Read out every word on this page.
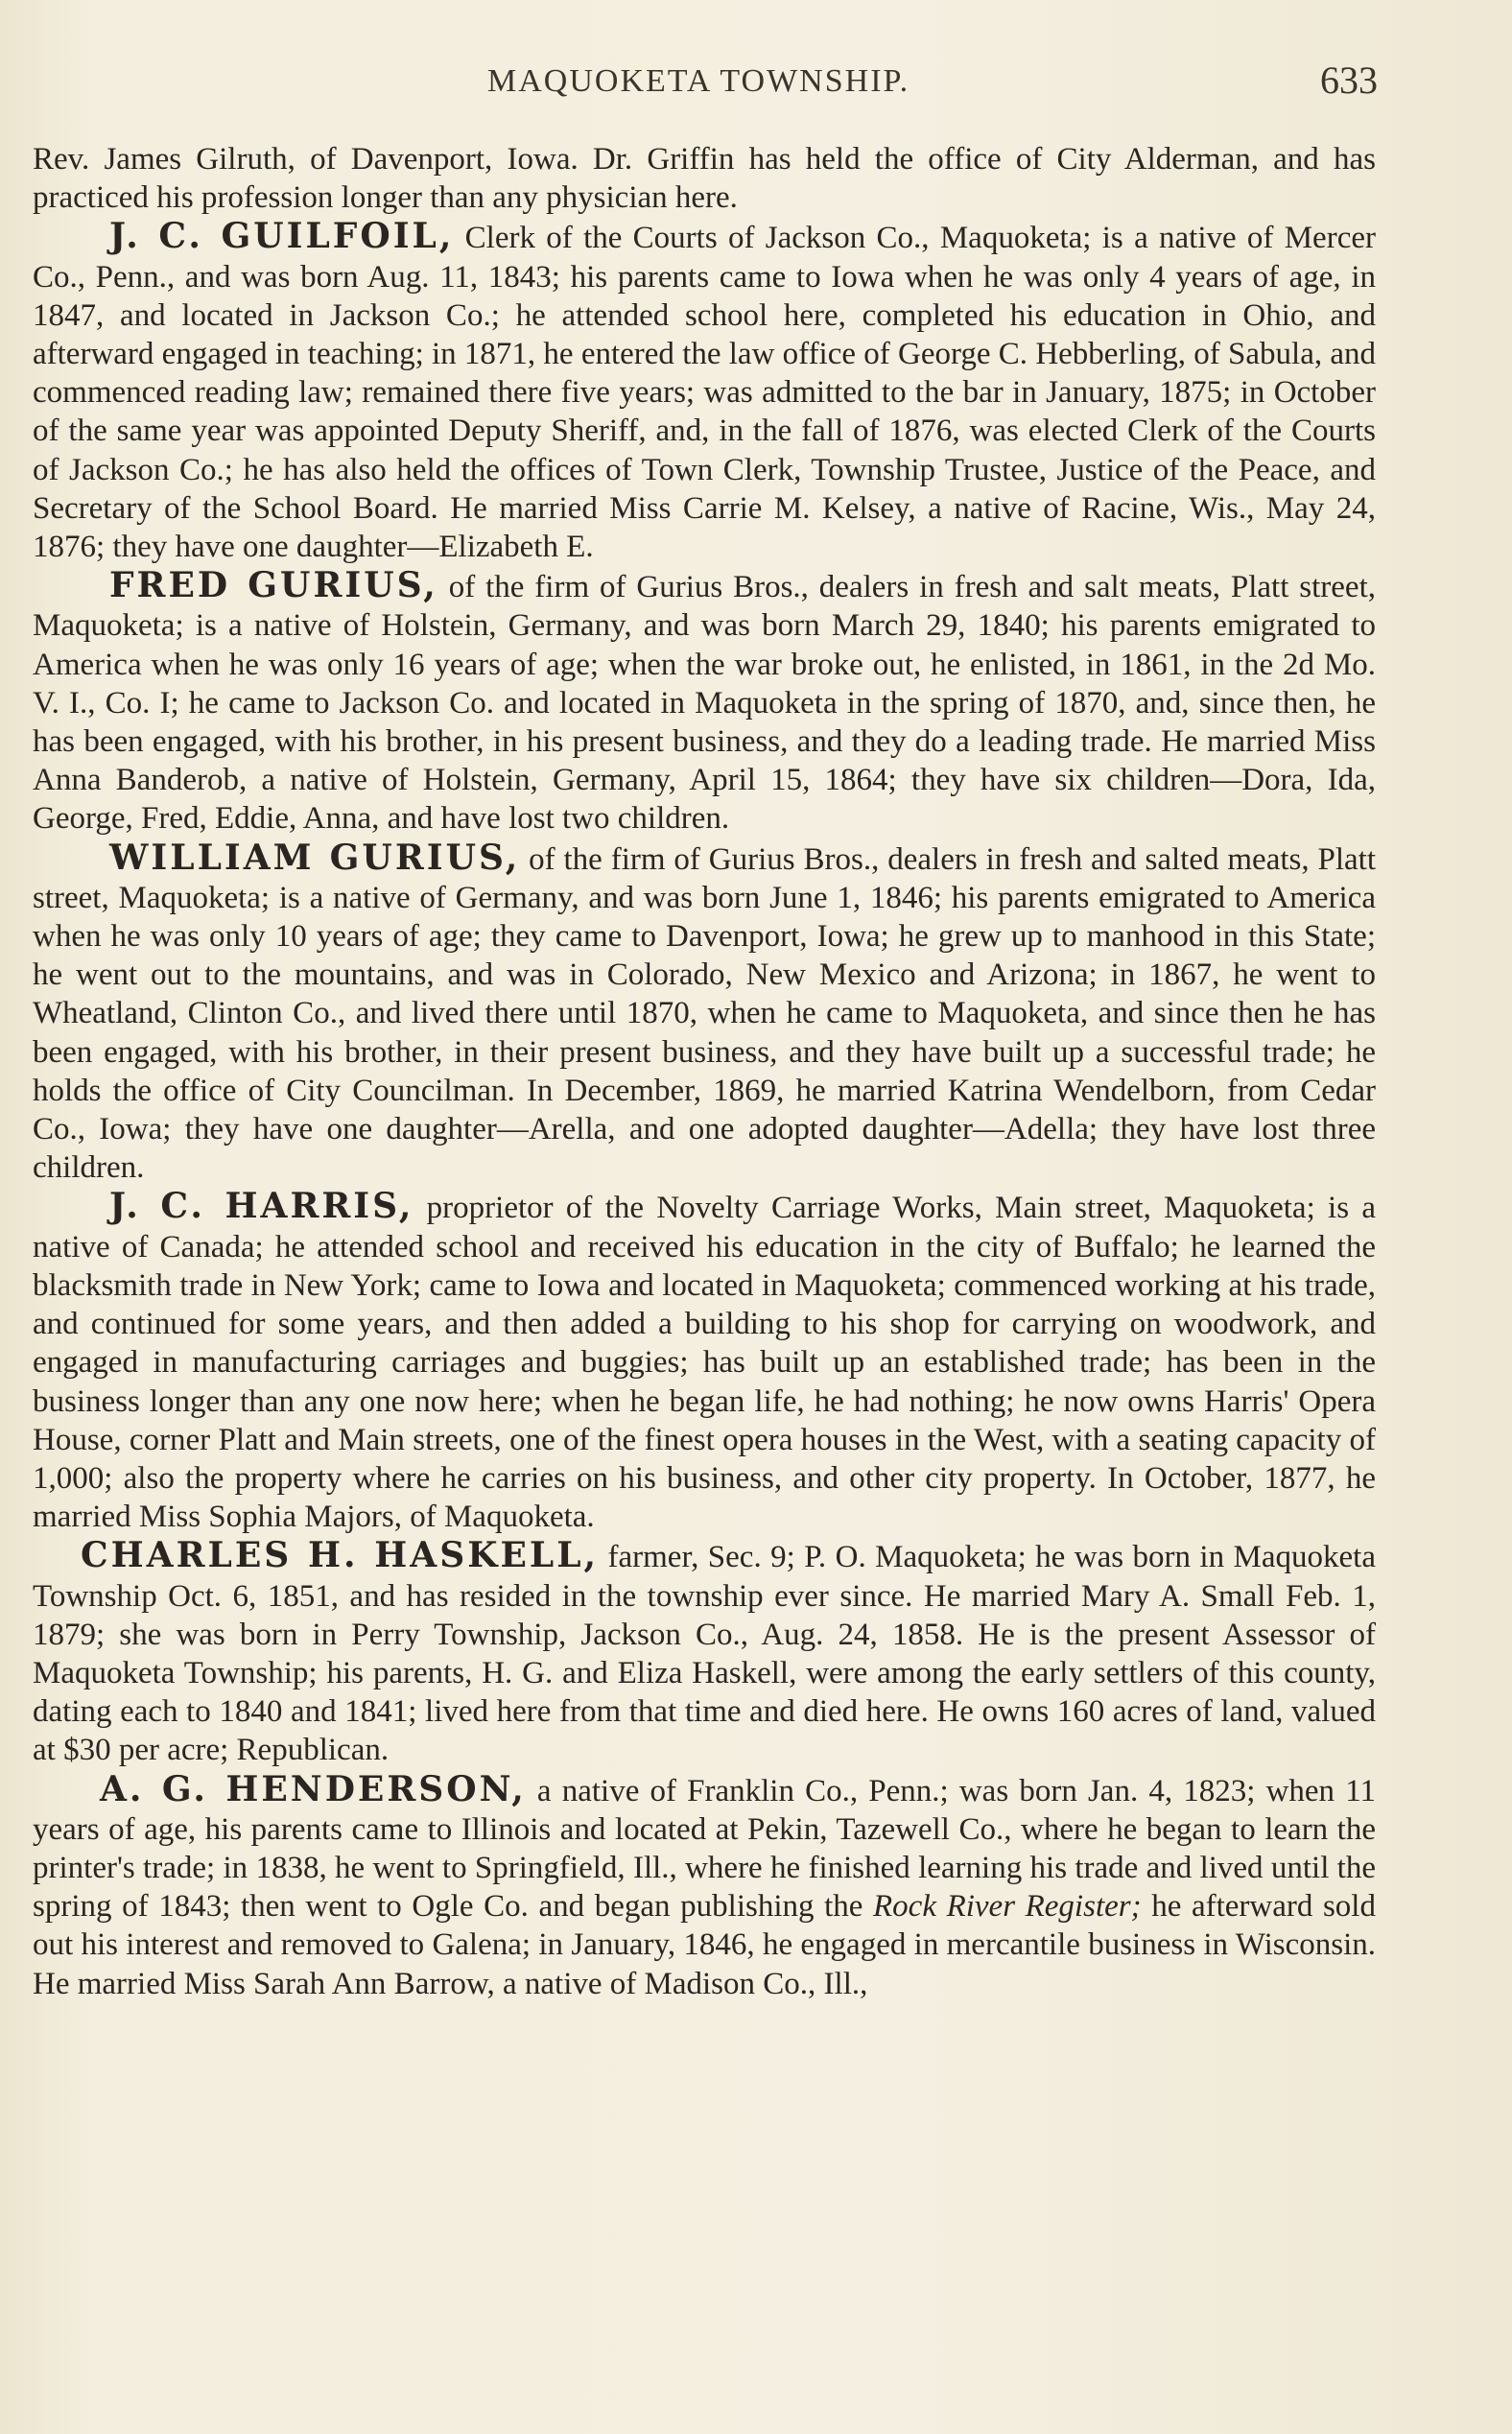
MAQUOKETA TOWNSHIP.	633

Rev. James Gilruth, of Davenport, Iowa. Dr. Griffin has held the office of City Alderman, and has practiced his profession longer than any physician here.

J. C. GUILFOIL, Clerk of the Courts of Jackson Co., Maquoketa; is a native of Mercer Co., Penn., and was born Aug. 11, 1843; his parents came to Iowa when he was only 4 years of age, in 1847, and located in Jackson Co.; he attended school here, completed his education in Ohio, and afterward engaged in teaching; in 1871, he entered the law office of George C. Hebberling, of Sabula, and commenced reading law; remained there five years; was admitted to the bar in January, 1875; in October of the same year was appointed Deputy Sheriff, and, in the fall of 1876, was elected Clerk of the Courts of Jackson Co.; he has also held the offices of Town Clerk, Township Trustee, Justice of the Peace, and Secretary of the School Board. He married Miss Carrie M. Kelsey, a native of Racine, Wis., May 24, 1876; they have one daughter—Elizabeth E.

FRED GURIUS, of the firm of Gurius Bros., dealers in fresh and salt meats, Platt street, Maquoketa; is a native of Holstein, Germany, and was born March 29, 1840; his parents emigrated to America when he was only 16 years of age; when the war broke out, he enlisted, in 1861, in the 2d Mo. V. I., Co. I; he came to Jackson Co. and located in Maquoketa in the spring of 1870, and, since then, he has been engaged, with his brother, in his present business, and they do a leading trade. He married Miss Anna Banderob, a native of Holstein, Germany, April 15, 1864; they have six children—Dora, Ida, George, Fred, Eddie, Anna, and have lost two children.

WILLIAM GURIUS, of the firm of Gurius Bros., dealers in fresh and salted meats, Platt street, Maquoketa; is a native of Germany, and was born June 1, 1846; his parents emigrated to America when he was only 10 years of age; they came to Davenport, Iowa; he grew up to manhood in this State; he went out to the mountains, and was in Colorado, New Mexico and Arizona; in 1867, he went to Wheatland, Clinton Co., and lived there until 1870, when he came to Maquoketa, and since then he has been engaged, with his brother, in their present business, and they have built up a successful trade; he holds the office of City Councilman. In December, 1869, he married Katrina Wendelborn, from Cedar Co., Iowa; they have one daughter—Arella, and one adopted daughter—Adella; they have lost three children.

J. C. HARRIS, proprietor of the Novelty Carriage Works, Main street, Maquoketa; is a native of Canada; he attended school and received his education in the city of Buffalo; he learned the blacksmith trade in New York; came to Iowa and located in Maquoketa; commenced working at his trade, and continued for some years, and then added a building to his shop for carrying on woodwork, and engaged in manufacturing carriages and buggies; has built up an established trade; has been in the business longer than any one now here; when he began life, he had nothing; he now owns Harris' Opera House, corner Platt and Main streets, one of the finest opera houses in the West, with a seating capacity of 1,000; also the property where he carries on his business, and other city property. In October, 1877, he married Miss Sophia Majors, of Maquoketa.

CHARLES H. HASKELL, farmer, Sec. 9; P. O. Maquoketa; he was born in Maquoketa Township Oct. 6, 1851, and has resided in the township ever since. He married Mary A. Small Feb. 1, 1879; she was born in Perry Township, Jackson Co., Aug. 24, 1858. He is the present Assessor of Maquoketa Township; his parents, H. G. and Eliza Haskell, were among the early settlers of this county, dating each to 1840 and 1841; lived here from that time and died here. He owns 160 acres of land, valued at $30 per acre; Republican.

A. G. HENDERSON, a native of Franklin Co., Penn.; was born Jan. 4, 1823; when 11 years of age, his parents came to Illinois and located at Pekin, Tazewell Co., where he began to learn the printer's trade; in 1838, he went to Springfield, Ill., where he finished learning his trade and lived until the spring of 1843; then went to Ogle Co. and began publishing the Rock River Register; he afterward sold out his interest and removed to Galena; in January, 1846, he engaged in mercantile business in Wisconsin. He married Miss Sarah Ann Barrow, a native of Madison Co., Ill.,
